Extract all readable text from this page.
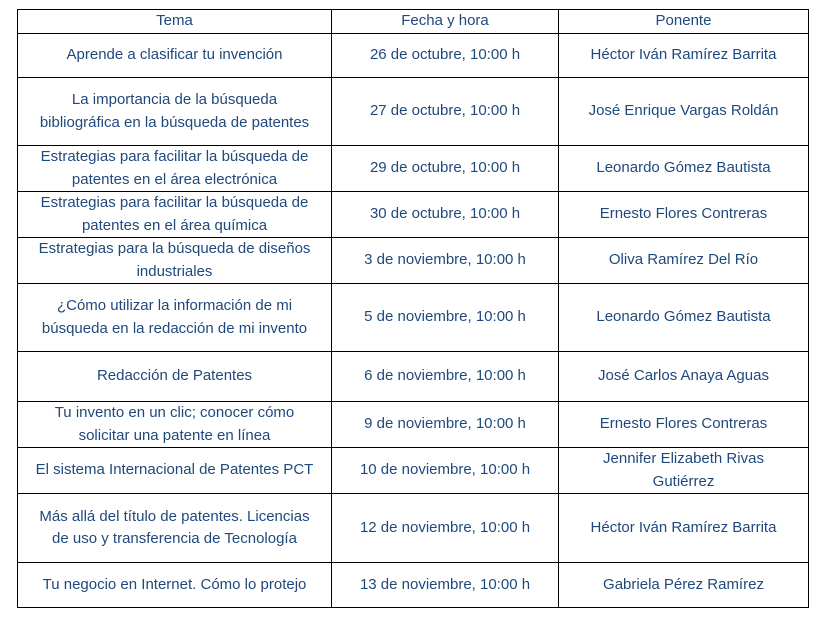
Tema	Fecha y hora	Ponente
Aprende a clasificar tu invención	26 de octubre, 10:00 h	Héctor Iván Ramírez Barrita
La importancia de la búsqueda bibliográfica en la búsqueda de patentes	27 de octubre, 10:00 h	José Enrique Vargas Roldán
Estrategias para facilitar la búsqueda de patentes en el área electrónica	29 de octubre, 10:00 h	Leonardo Gómez Bautista
Estrategias para facilitar la búsqueda de patentes en el área química	30 de octubre, 10:00 h	Ernesto Flores Contreras
Estrategias para la búsqueda de diseños industriales	3 de noviembre, 10:00 h	Oliva Ramírez Del Río
¿Cómo utilizar la información de mi búsqueda en la redacción de mi invento	5 de noviembre, 10:00 h	Leonardo Gómez Bautista
Redacción de Patentes	6 de noviembre, 10:00 h	José Carlos Anaya Aguas
Tu invento en un clic; conocer cómo solicitar una patente en línea	9 de noviembre, 10:00 h	Ernesto Flores Contreras
El sistema Internacional de Patentes PCT	10 de noviembre, 10:00 h	Jennifer Elizabeth Rivas Gutiérrez
Más allá del título de patentes. Licencias de uso y transferencia de Tecnología	12 de noviembre, 10:00 h	Héctor Iván Ramírez Barrita
Tu negocio en Internet. Cómo lo protejo	13 de noviembre, 10:00 h	Gabriela Pérez Ramírez
